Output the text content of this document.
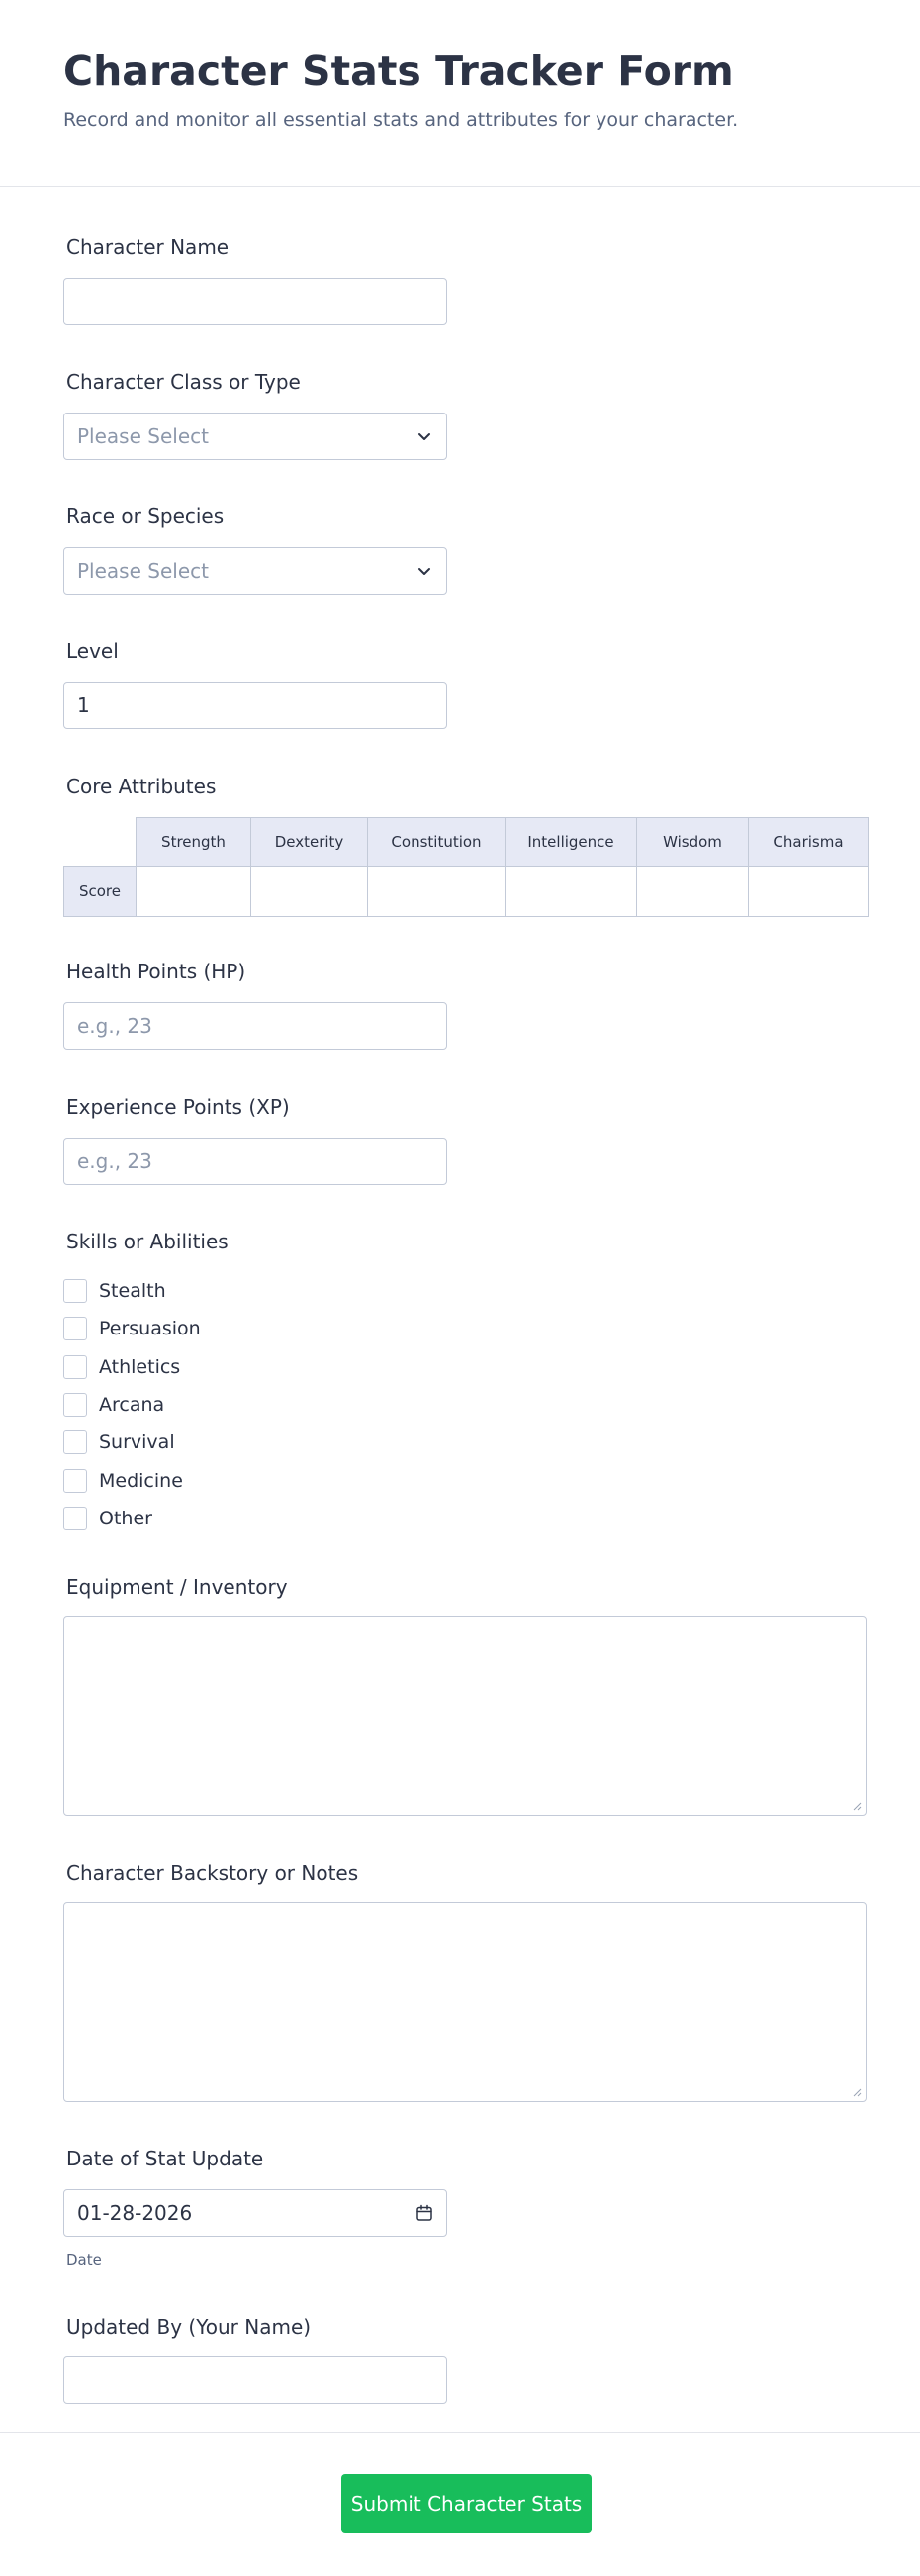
Character Stats Tracker Form

Record and monitor all essential stats and attributes for your character.

Character Name
Character Class or Type
Please Select
Race or Species
Please Select
Level
1
Core Attributes
	Strength	Dexterity	Constitution	Intelligence	Wisdom	Charisma
Score						
Health Points (HP)
e.g., 23
Experience Points (XP)
e.g., 23
Skills or Abilities
Stealth
Persuasion
Athletics
Arcana
Survival
Medicine
Other
Equipment / Inventory
Character Backstory or Notes
Date of Stat Update
01-28-2026

Date

Updated By (Your Name)
Submit Character Stats
